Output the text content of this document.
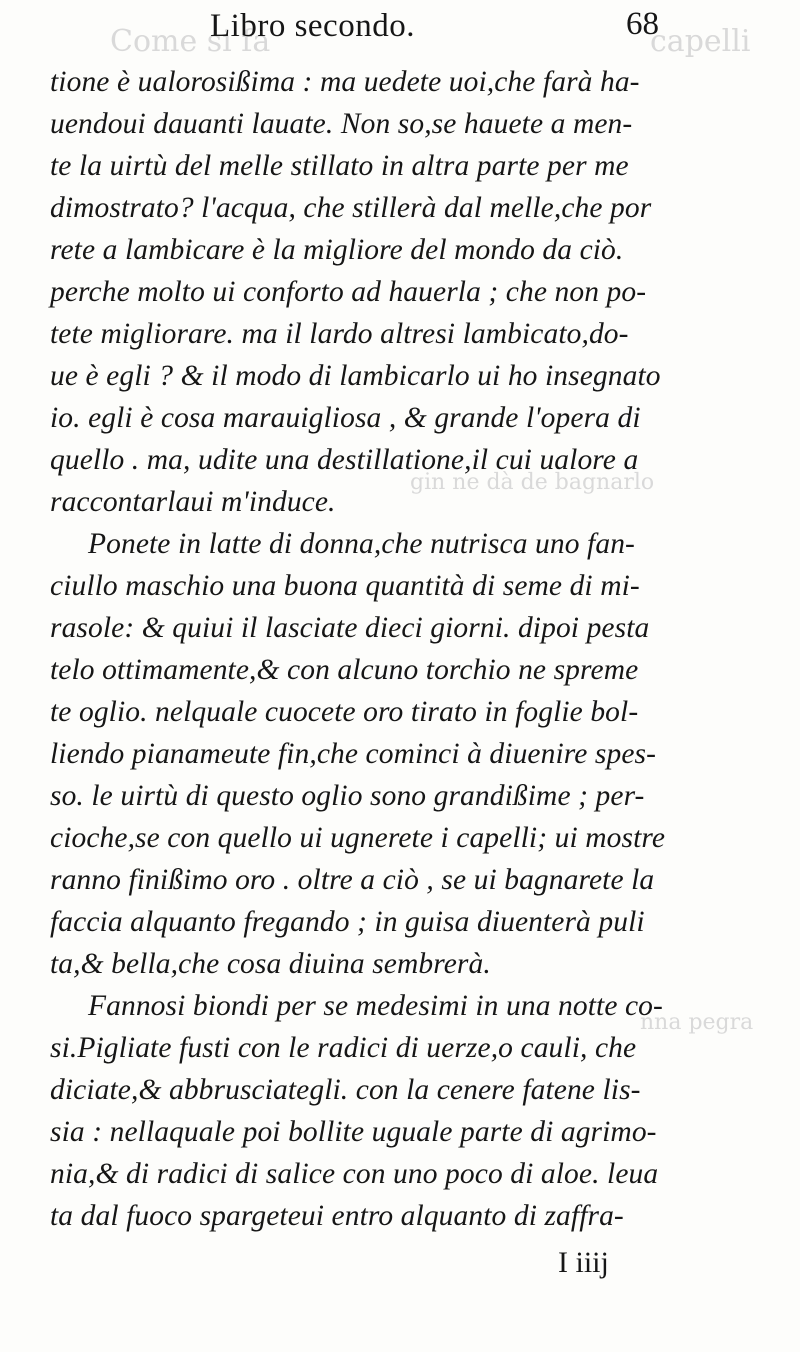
Come si fa	capelli
gin ne dà de bagnarlo
nna pegra
Libro secondo.	68
tione è ualorosißima : ma uedete uoi,che farà ha-
uendoui dauanti lauate. Non so,se hauete a men-
te la uirtù del melle stillato in altra parte per me
dimostrato? l'acqua, che stillerà dal melle,che por
rete a lambicare è la migliore del mondo da ciò.
perche molto ui conforto ad hauerla ; che non po-
tete migliorare. ma il lardo altresi lambicato,do-
ue è egli ? & il modo di lambicarlo ui ho insegnato
io. egli è cosa marauigliosa , & grande l'opera di
quello . ma, udite una destillatione,il cui ualore a
raccontarlaui m'induce.
Ponete in latte di donna,che nutrisca uno fan-
ciullo maschio una buona quantità di seme di mi-
rasole: & quiui il lasciate dieci giorni. dipoi pesta
telo ottimamente,& con alcuno torchio ne spreme
te oglio. nelquale cuocete oro tirato in foglie bol-
liendo pianameute fin,che cominci à diuenire spes-
so. le uirtù di questo oglio sono grandißime ; per-
cioche,se con quello ui ugnerete i capelli; ui mostre
ranno finißimo oro . oltre a ciò , se ui bagnarete la
faccia alquanto fregando ; in guisa diuenterà puli
ta,& bella,che cosa diuina sembrerà.
Fannosi biondi per se medesimi in una notte co-
si.Pigliate fusti con le radici di uerze,o cauli, che
diciate,& abbrusciategli. con la cenere fatene lis-
sia : nellaquale poi bollite uguale parte di agrimo-
nia,& di radici di salice con uno poco di aloe. leua
ta dal fuoco spargeteui entro alquanto di zaffra-
I iiij
